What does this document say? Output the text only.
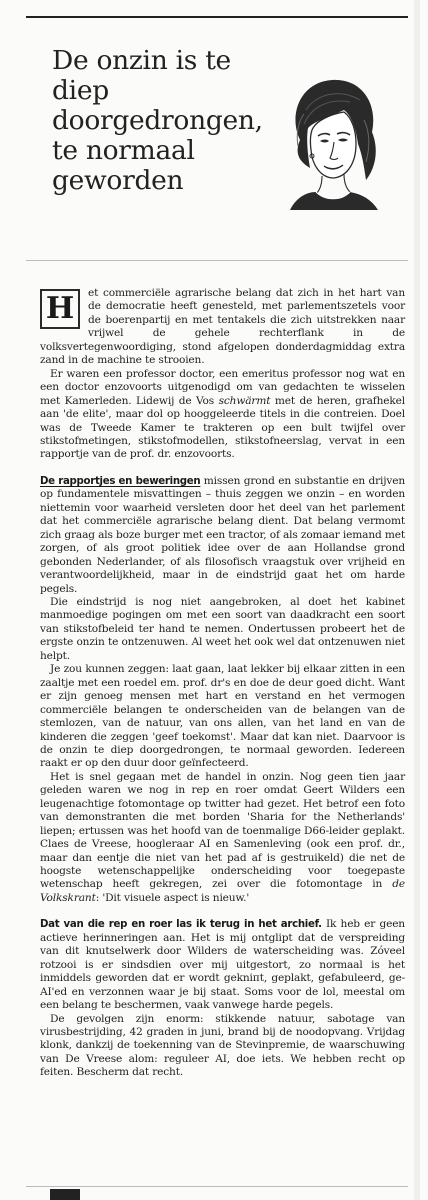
De onzin is te diep doorgedrongen, te normaal geworden

H	et commerciële agrarische belang dat zich in het hart van de democratie heeft genesteld, met parlementszetels voor de boerenpartij en met tentakels die zich uitstrekken naar vrijwel de gehele rechterflank in de volksvertegenwoordiging, stond afgelopen donderdagmiddag extra zand in de machine te strooien.

Er waren een professor doctor, een emeritus professor nog wat en een doctor enzovoorts uitgenodigd om van gedachten te wisselen met Kamerleden. Lidewij de Vos schwärmt met de heren, grafhekel aan 'de elite', maar dol op hooggeleerde titels in die contreien. Doel was de Tweede Kamer te trakteren op een bult twijfel over stikstofmetingen, stikstofmodellen, stikstofneerslag, vervat in een rapportje van de prof. dr. enzovoorts.

De rapportjes en beweringen missen grond en substantie en drijven op fundamentele misvattingen – thuis zeggen we onzin – en worden niettemin voor waarheid versleten door het deel van het parlement dat het commerciële agrarische belang dient. Dat belang vermomt zich graag als boze burger met een tractor, of als zomaar iemand met zorgen, of als groot politiek idee over de aan Hollandse grond gebonden Nederlander, of als filosofisch vraagstuk over vrijheid en verantwoordelijkheid, maar in de eindstrijd gaat het om harde pegels.

Die eindstrijd is nog niet aangebroken, al doet het kabinet manmoedige pogingen om met een soort van daadkracht een soort van stikstofbeleid ter hand te nemen. Ondertussen probeert het de ergste onzin te ontzenuwen. Al weet het ook wel dat ontzenuwen niet helpt.

Je zou kunnen zeggen: laat gaan, laat lekker bij elkaar zitten in een zaaltje met een roedel em. prof. dr's en doe de deur goed dicht. Want er zijn genoeg mensen met hart en verstand en het vermogen commerciële belangen te onderscheiden van de belangen van de stemlozen, van de natuur, van ons allen, van het land en van de kinderen die zeggen 'geef toekomst'. Maar dat kan niet. Daarvoor is de onzin te diep doorgedrongen, te normaal geworden. Iedereen raakt er op den duur door geïnfecteerd.

Het is snel gegaan met de handel in onzin. Nog geen tien jaar geleden waren we nog in rep en roer omdat Geert Wilders een leugenachtige fotomontage op twitter had gezet. Het betrof een foto van demonstranten die met borden 'Sharia for the Netherlands' liepen; ertussen was het hoofd van de toenmalige D66-leider geplakt. Claes de Vreese, hoogleraar AI en Samenleving (ook een prof. dr., maar dan eentje die niet van het pad af is gestruikeld) die net de hoogste wetenschappelijke onderscheiding voor toegepaste wetenschap heeft gekregen, zei over die fotomontage in de Volkskrant: 'Dit visuele aspect is nieuw.'

Dat van die rep en roer las ik terug in het archief. Ik heb er geen actieve herinneringen aan. Het is mij ontglipt dat de verspreiding van dit knutselwerk door Wilders de waterscheiding was. Zóveel rotzooi is er sindsdien over mij uitgestort, zo normaal is het inmiddels geworden dat er wordt gekniпt, geplakt, gefabuleerd, ge-AI'ed en verzonnen waar je bij staat. Soms voor de lol, meestal om een belang te beschermen, vaak vanwege harde pegels.

De gevolgen zijn enorm: stikkende natuur, sabotage van virusbestrijding, 42 graden in juni, brand bij de noodopvang. Vrijdag klonk, dankzij de toekenning van de Stevinpremie, de waarschuwing van De Vreese alom: reguleer AI, doe iets. We hebben recht op feiten. Bescherm dat recht.
